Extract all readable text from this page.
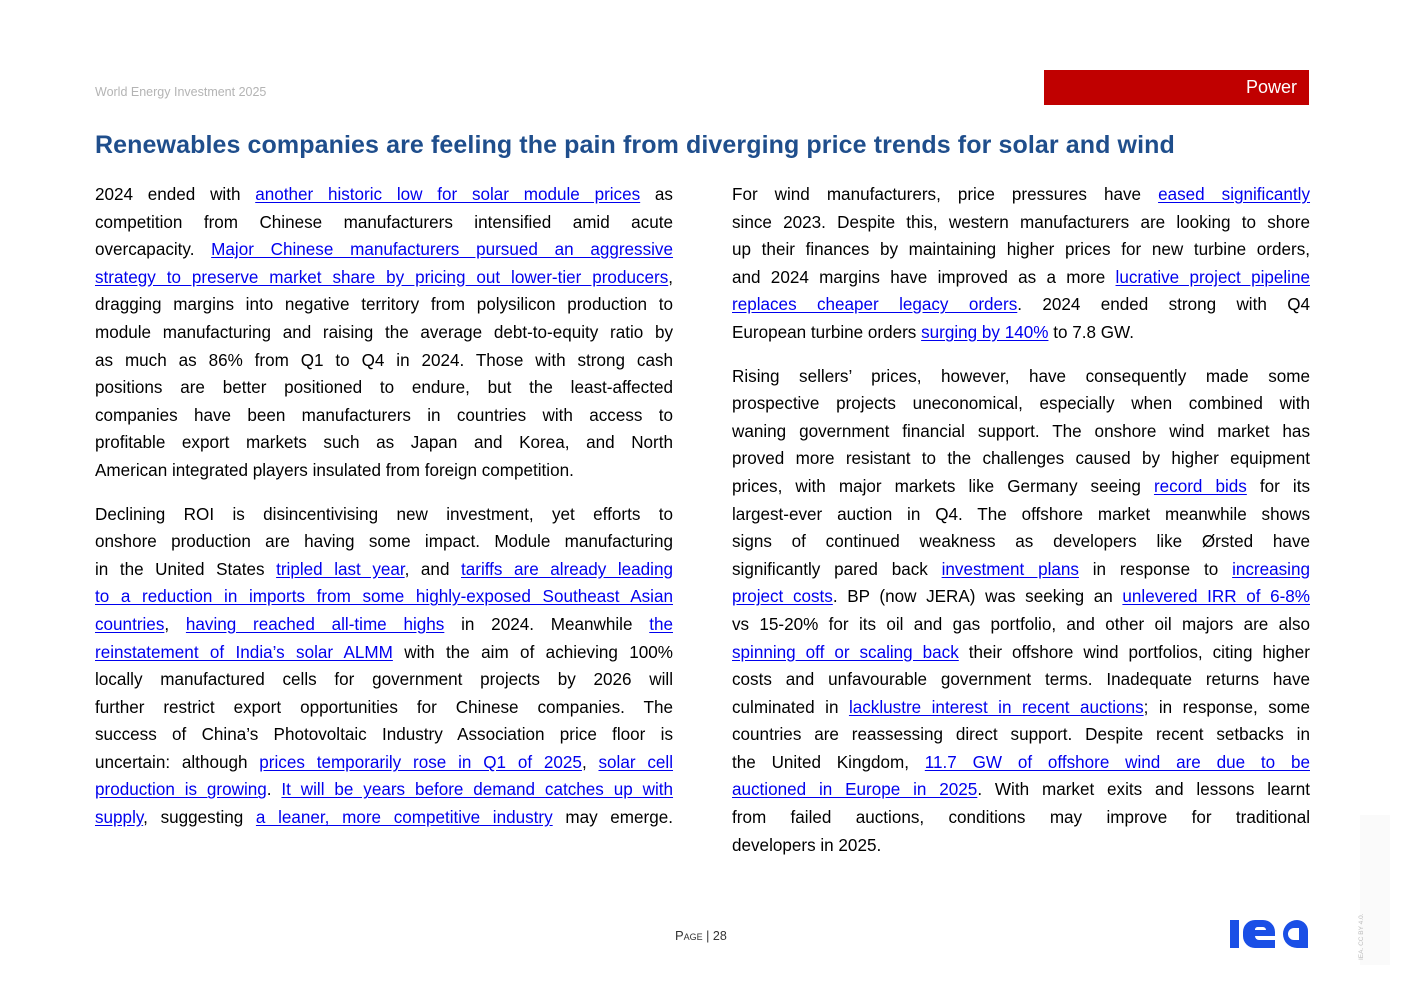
World Energy Investment 2025	Power
Renewables companies are feeling the pain from diverging price trends for solar and wind

2024 ended with another historic low for solar module prices as
competition from Chinese manufacturers intensified amid acute
overcapacity. Major Chinese manufacturers pursued an aggressive
strategy to preserve market share by pricing out lower-tier producers,
dragging margins into negative territory from polysilicon production to
module manufacturing and raising the average debt-to-equity ratio by
as much as 86% from Q1 to Q4 in 2024. Those with strong cash
positions are better positioned to endure, but the least-affected
companies have been manufacturers in countries with access to
profitable export markets such as Japan and Korea, and North
American integrated players insulated from foreign competition.

Declining ROI is disincentivising new investment, yet efforts to
onshore production are having some impact. Module manufacturing
in the United States tripled last year, and tariffs are already leading
to a reduction in imports from some highly-exposed Southeast Asian
countries, having reached all-time highs in 2024. Meanwhile the
reinstatement of India’s solar ALMM with the aim of achieving 100%
locally manufactured cells for government projects by 2026 will
further restrict export opportunities for Chinese companies. The
success of China’s Photovoltaic Industry Association price floor is
uncertain: although prices temporarily rose in Q1 of 2025, solar cell
production is growing. It will be years before demand catches up with
supply, suggesting a leaner, more competitive industry may emerge.

For wind manufacturers, price pressures have eased significantly
since 2023. Despite this, western manufacturers are looking to shore
up their finances by maintaining higher prices for new turbine orders,
and 2024 margins have improved as a more lucrative project pipeline
replaces cheaper legacy orders. 2024 ended strong with Q4
European turbine orders surging by 140% to 7.8 GW.

Rising sellers’ prices, however, have consequently made some
prospective projects uneconomical, especially when combined with
waning government financial support. The onshore wind market has
proved more resistant to the challenges caused by higher equipment
prices, with major markets like Germany seeing record bids for its
largest-ever auction in Q4. The offshore market meanwhile shows
signs of continued weakness as developers like Ørsted have
significantly pared back investment plans in response to increasing
project costs. BP (now JERA) was seeking an unlevered IRR of 6-8%
vs 15-20% for its oil and gas portfolio, and other oil majors are also
spinning off or scaling back their offshore wind portfolios, citing higher
costs and unfavourable government terms. Inadequate returns have
culminated in lacklustre interest in recent auctions; in response, some
countries are reassessing direct support. Despite recent setbacks in
the United Kingdom, 11.7 GW of offshore wind are due to be
auctioned in Europe in 2025. With market exits and lessons learnt
from failed auctions, conditions may improve for traditional
developers in 2025.

Page | 28	IEA. CC BY 4.0.
